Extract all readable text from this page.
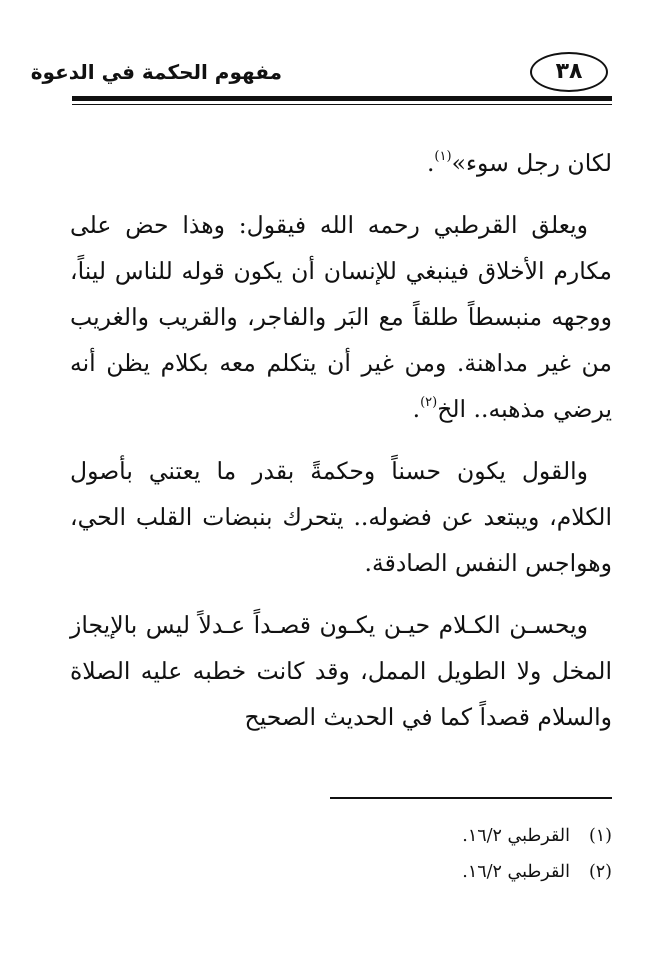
مفهوم الحكمة في الدعوة	٣٨

لكان رجل سوء»$^{(١)}$.

ويعلق القرطبي رحمه الله فيقول: وهذا حض على مكارم الأخلاق فينبغي للإنسان أن يكون قوله للناس ليناً، ووجهه منبسطاً طلقاً مع البَر والفاجر، والقريب والغريب من غير مداهنة. ومن غير أن يتكلم معه بكلام يظن أنه يرضي مذهبه.. الخ$^{(٢)}$.

والقول يكون حسناً وحكمةً بقدر ما يعتني بأصول الكلام، ويبتعد عن فضوله.. يتحرك بنبضات القلب الحي، وهواجس النفس الصادقة.

ويحسـن الكـلام حيـن يكـون قصـداً عـدلاً ليس بالإيجاز المخل ولا الطويل الممل، وقد كانت خطبه عليه الصلاة والسلام قصداً كما في الحديث الصحيح

(١)القرطبي ١٦/٢.
(٢)القرطبي ١٦/٢.
